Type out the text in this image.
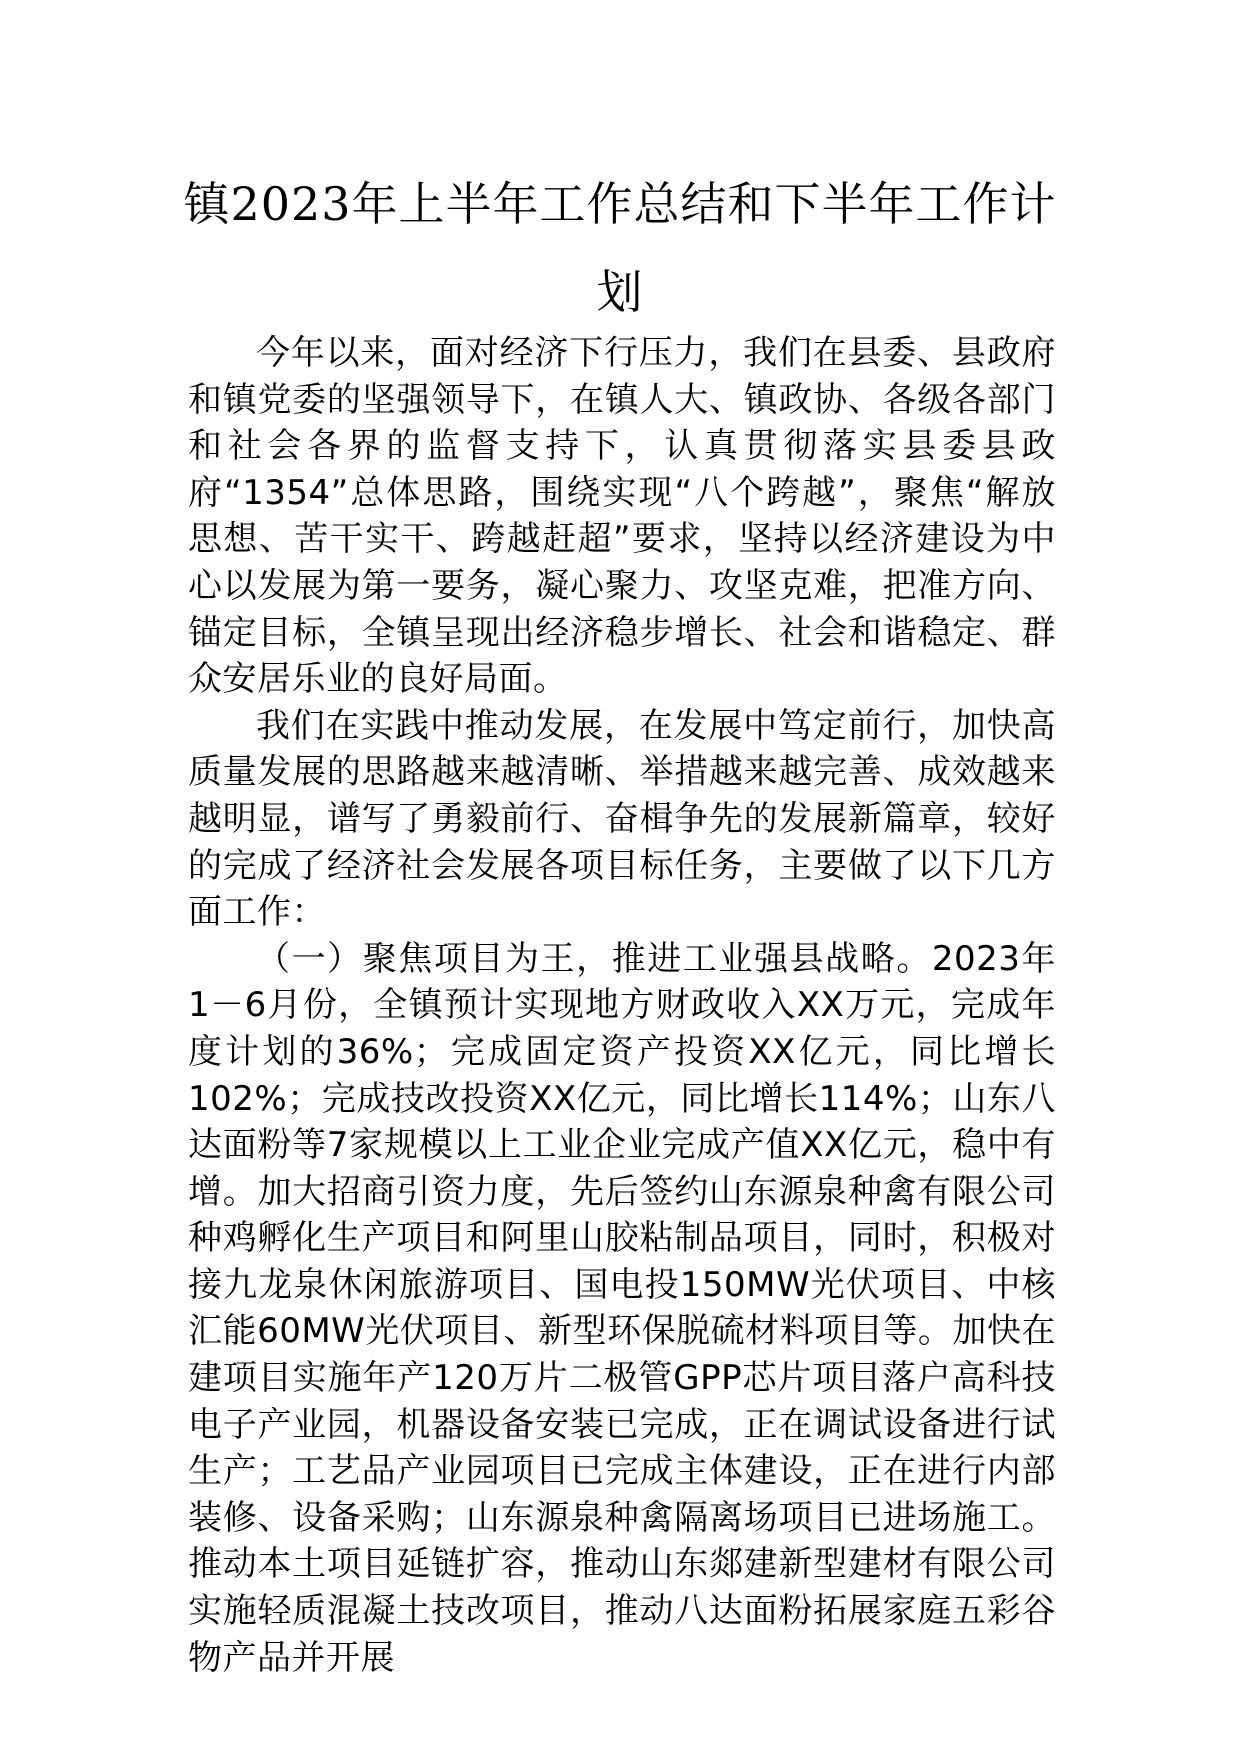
镇2023年上半年工作总结和下半年工作计划

今年以来，面对经济下行压力，我们在县委、县政府和镇党委的坚强领导下，在镇人大、镇政协、各级各部门和社会各界的监督支持下，认真贯彻落实县委县政府“1354”总体思路，围绕实现“八个跨越”，聚焦“解放思想、苦干实干、跨越赶超”要求，坚持以经济建设为中心以发展为第一要务，凝心聚力、攻坚克难，把准方向、锚定目标，全镇呈现出经济稳步增长、社会和谐稳定、群众安居乐业的良好局面。

我们在实践中推动发展，在发展中笃定前行，加快高质量发展的思路越来越清晰、举措越来越完善、成效越来越明显，谱写了勇毅前行、奋楫争先的发展新篇章，较好的完成了经济社会发展各项目标任务，主要做了以下几方面工作：

（一）聚焦项目为王，推进工业强县战略。2023年1－6月份，全镇预计实现地方财政收入XX万元，完成年度计划的36%；完成固定资产投资XX亿元，同比增长102%；完成技改投资XX亿元，同比增长114%；山东八达面粉等7家规模以上工业企业完成产值XX亿元，稳中有增。加大招商引资力度，先后签约山东源泉种禽有限公司种鸡孵化生产项目和阿里山胶粘制品项目，同时，积极对接九龙泉休闲旅游项目、国电投150MW光伏项目、中核汇能60MW光伏项目、新型环保脱硫材料项目等。加快在建项目实施年产120万片二极管GPP芯片项目落户高科技电子产业园，机器设备安装已完成，正在调试设备进行试生产；工艺品产业园项目已完成主体建设，正在进行内部装修、设备采购；山东源泉种禽隔离场项目已进场施工。推动本土项目延链扩容，推动山东郯建新型建材有限公司实施轻质混凝土技改项目，推动八达面粉拓展家庭五彩谷物产品并开展
